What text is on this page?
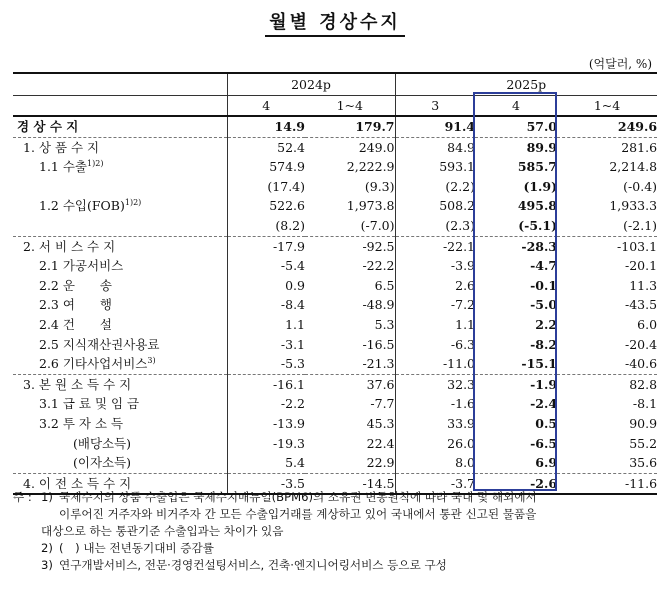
월별 경상수지
(억달러, %)
	2024p		2025p		
	4	1~4	3	4	1~4
경 상 수 지	14.9	179.7	91.4	57.0	249.6
1. 상 품 수 지	52.4	249.0	84.9	89.9	281.6
1.1 수출$^{1)2)}$	574.9	2,222.9	593.1	585.7	2,214.8
	(17.4)	(9.3)	(2.2)	(1.9)	(-0.4)
1.2 수입(FOB)$^{1)2)}$	522.6	1,973.8	508.2	495.8	1,933.3
	(8.2)	(-7.0)	(2.3)	(-5.1)	(-2.1)
2. 서 비 스 수 지	-17.9	-92.5	-22.1	-28.3	-103.1
2.1 가공서비스	-5.4	-22.2	-3.9	-4.7	-20.1
2.2 운　　송	0.9	6.5	2.6	-0.1	11.3
2.3 여　　행	-8.4	-48.9	-7.2	-5.0	-43.5
2.4 건　　설	1.1	5.3	1.1	2.2	6.0
2.5 지식재산권사용료	-3.1	-16.5	-6.3	-8.2	-20.4
2.6 기타사업서비스$^{3)}$	-5.3	-21.3	-11.0	-15.1	-40.6
3. 본 원 소 득 수 지	-16.1	37.6	32.3	-1.9	82.8
3.1 급 료 및 임 금	-2.2	-7.7	-1.6	-2.4	-8.1
3.2 투 자 소 득	-13.9	45.3	33.9	0.5	90.9
(배당소득)	-19.3	22.4	26.0	-6.5	55.2
(이자소득)	5.4	22.9	8.0	6.9	35.6
4. 이 전 소 득 수 지	-3.5	-14.5	-3.7	-2.6	-11.6
주 : 1) 국제수지의 상품 수출입은 국제수지매뉴얼(BPM6)의 소유권 변동원칙에 따라 국내 및 해외에서
이루어진 거주자와 비거주자 간 모든 수출입거래를 계상하고 있어 국내에서 통관 신고된 물품을
대상으로 하는 통관기준 수출입과는 차이가 있음
2) (　) 내는 전년동기대비 증감률
3) 연구개발서비스, 전문·경영컨설팅서비스, 건축·엔지니어링서비스 등으로 구성
